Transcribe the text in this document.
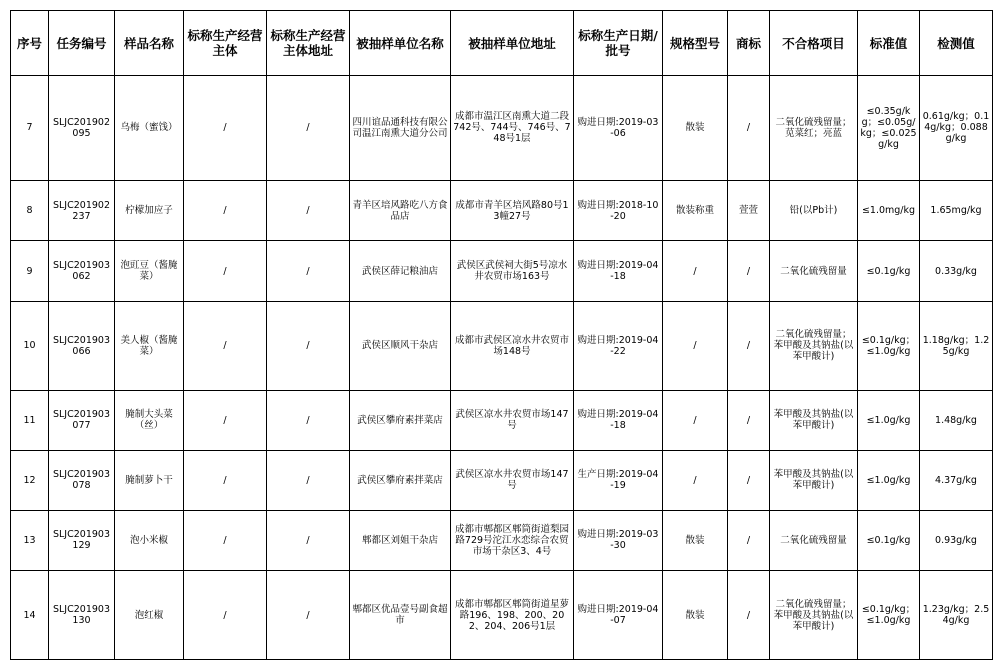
序号	任务编号	样品名称	标称生产经营主体	标称生产经营主体地址	被抽样单位名称	被抽样单位地址	标称生产日期/批号	规格型号	商标	不合格项目	标准值	检测值
7	SLJC201902095	乌梅（蜜饯）	/	/	四川谊品通科技有限公司温江南熏大道分公司	成都市温江区南熏大道二段742号、744号、746号、748号1层	购进日期:2019-03-06	散装	/	二氧化硫残留量；苋菜红；亮蓝	≤0.35g/kg；≤0.05g/kg；≤0.025g/kg	0.61g/kg；0.14g/kg；0.088g/kg
8	SLJC201902237	柠檬加应子	/	/	青羊区培风路吃八方食品店	成都市青羊区培风路80号13幢27号	购进日期:2018-10-20	散装称重	萱萱	铅(以Pb计)	≤1.0mg/kg	1.65mg/kg
9	SLJC201903062	泡豇豆（酱腌菜）	/	/	武侯区薛记粮油店	武侯区武侯祠大街5号凉水井农贸市场163号	购进日期:2019-04-18	/	/	二氧化硫残留量	≤0.1g/kg	0.33g/kg
10	SLJC201903066	美人椒（酱腌菜）	/	/	武侯区顺风干杂店	成都市武侯区凉水井农贸市场148号	购进日期:2019-04-22	/	/	二氧化硫残留量；苯甲酸及其钠盐(以苯甲酸计)	≤0.1g/kg；≤1.0g/kg	1.18g/kg；1.25g/kg
11	SLJC201903077	腌制大头菜（丝）	/	/	武侯区攀府素拌菜店	武侯区凉水井农贸市场147号	购进日期:2019-04-18	/	/	苯甲酸及其钠盐(以苯甲酸计)	≤1.0g/kg	1.48g/kg
12	SLJC201903078	腌制萝卜干	/	/	武侯区攀府素拌菜店	武侯区凉水井农贸市场147号	生产日期:2019-04-19	/	/	苯甲酸及其钠盐(以苯甲酸计)	≤1.0g/kg	4.37g/kg
13	SLJC201903129	泡小米椒	/	/	郫都区刘姐干杂店	成都市郫都区郫筒街道梨园路729号沱江水恋综合农贸市场干杂区3、4号	购进日期:2019-03-30	散装	/	二氧化硫残留量	≤0.1g/kg	0.93g/kg
14	SLJC201903130	泡红椒	/	/	郫都区优品壹号副食超市	成都市郫都区郫筒街道星萝路196、198、200、202、204、206号1层	购进日期:2019-04-07	散装	/	二氧化硫残留量；苯甲酸及其钠盐(以苯甲酸计)	≤0.1g/kg；≤1.0g/kg	1.23g/kg；2.54g/kg
